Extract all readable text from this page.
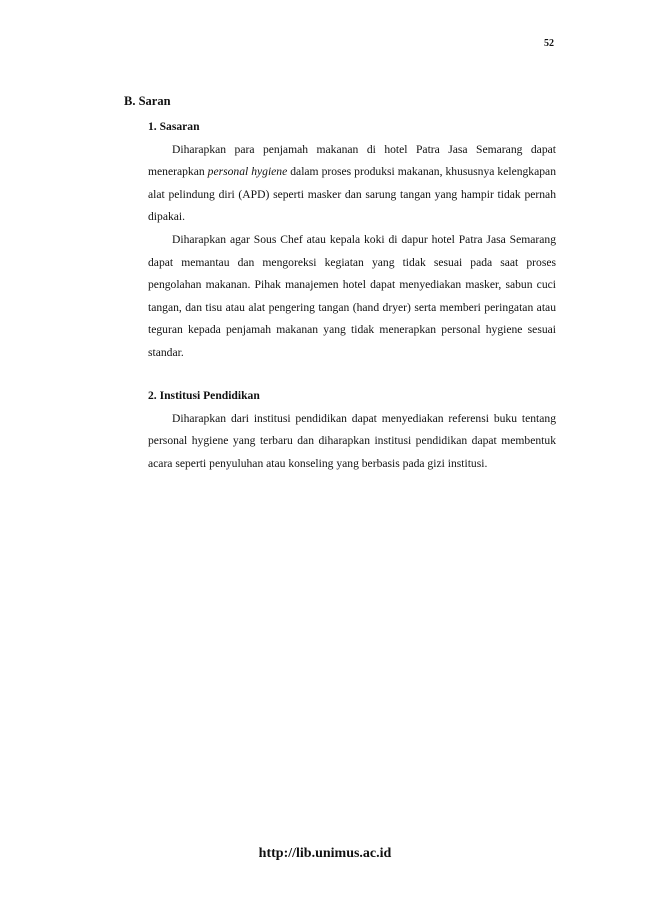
52
B. Saran

1. Sasaran

Diharapkan para penjamah makanan di hotel Patra Jasa Semarang dapat menerapkan personal hygiene dalam proses produksi makanan, khususnya kelengkapan alat pelindung diri (APD) seperti masker dan sarung tangan yang hampir tidak pernah dipakai.

Diharapkan agar Sous Chef atau kepala koki di dapur hotel Patra Jasa Semarang dapat memantau dan mengoreksi kegiatan yang tidak sesuai pada saat proses pengolahan makanan. Pihak manajemen hotel dapat menyediakan masker, sabun cuci tangan, dan tisu atau alat pengering tangan (hand dryer) serta memberi peringatan atau teguran kepada penjamah makanan yang tidak menerapkan personal hygiene sesuai standar.

2. Institusi Pendidikan

Diharapkan dari institusi pendidikan dapat menyediakan referensi buku tentang personal hygiene yang terbaru dan diharapkan institusi pendidikan dapat membentuk acara seperti penyuluhan atau konseling yang berbasis pada gizi institusi.

http://lib.unimus.ac.id
